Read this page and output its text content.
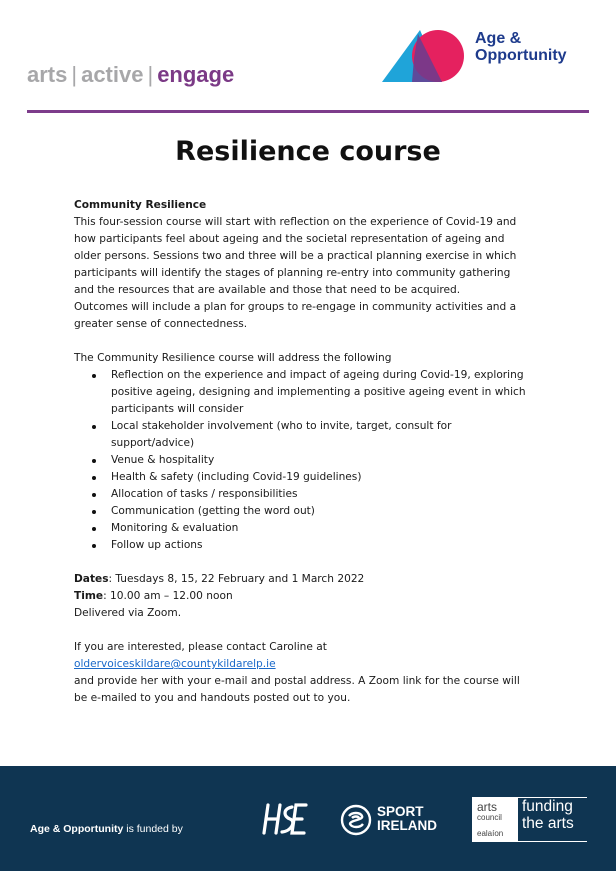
arts | active | engage
Age &
Opportunity
Resilience course

Community Resilience

This four-session course will start with reflection on the experience of Covid-19 and

how participants feel about ageing and the societal representation of ageing and

older persons. Sessions two and three will be a practical planning exercise in which

participants will identify the stages of planning re-entry into community gathering

and the resources that are available and those that need to be acquired.

Outcomes will include a plan for groups to re-engage in community activities and a

greater sense of connectedness.

The Community Resilience course will address the following

Reflection on the experience and impact of ageing during Covid-19, exploring
positive ageing, designing and implementing a positive ageing event in which
participants will consider
Local stakeholder involvement (who to invite, target, consult for
support/advice)
Venue & hospitality
Health & safety (including Covid-19 guidelines)
Allocation of tasks / responsibilities
Communication (getting the word out)
Monitoring & evaluation
Follow up actions

Dates: Tuesdays 8, 15, 22 February and 1 March 2022

Time: 10.00 am – 12.00 noon

Delivered via Zoom.

If you are interested, please contact Caroline at

oldervoiceskildare@countykildarelp.ie

and provide her with your e-mail and postal address. A Zoom link for the course will

be e-mailed to you and handouts posted out to you.

Age & Opportunity is funded by
SPORT
IRELAND
arts
council
ealaíon
funding
the arts
